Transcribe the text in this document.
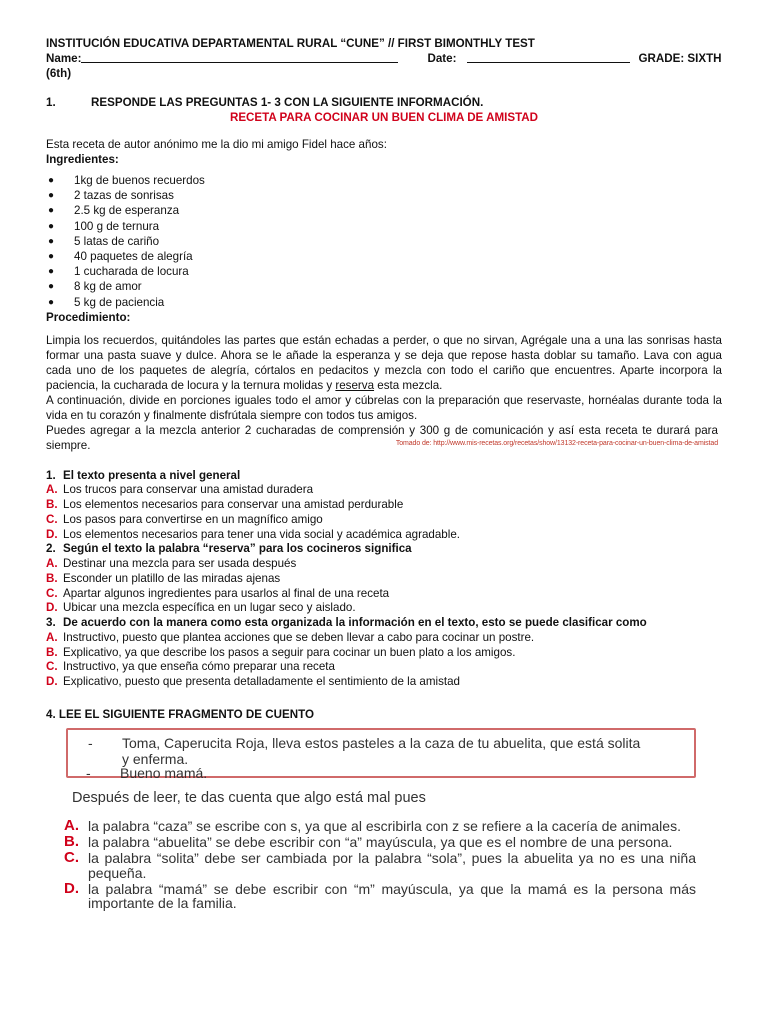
INSTITUCIÓN EDUCATIVA DEPARTAMENTAL RURAL “CUNE” // FIRST BIMONTHLY TEST
Name:	Date:	GRADE: SIXTH
(6th)
1.	RESPONDE LAS PREGUNTAS 1- 3 CON LA SIGUIENTE INFORMACIÓN.
RECETA PARA COCINAR UN BUEN CLIMA DE AMISTAD

Esta receta de autor anónimo me la dio mi amigo Fidel hace años:

Ingredientes:

●	1kg de buenos recuerdos
●	2 tazas de sonrisas
●	2.5 kg de esperanza
●	100 g de ternura
●	5 latas de cariño
●	40 paquetes de alegría
●	1 cucharada de locura
●	8 kg de amor
●	5 kg de paciencia

Procedimiento:

Limpia los recuerdos, quitándoles las partes que están echadas a perder, o que no sirvan, Agrégale una a una las sonrisas hasta formar una pasta suave y dulce. Ahora se le añade la esperanza y se deja que repose hasta doblar su tamaño. Lava con agua cada uno de los paquetes de alegría, córtalos en pedacitos y mezcla con todo el cariño que encuentres. Aparte incorpora la paciencia, la cucharada de locura y la ternura molidas y reserva esta mezcla.

A continuación, divide en porciones iguales todo el amor y cúbrelas con la preparación que reservaste, hornéalas durante toda la vida en tu corazón y finalmente disfrútala siempre con todos tus amigos.

Puedes agregar a la mezcla anterior 2 cucharadas de comprensión y 300 g de comunicación y así esta receta te durará para siempre.	Tomado de: http://www.mis-recetas.org/recetas/show/13132-receta-para-cocinar-un-buen-clima-de-amistad
1. El texto presenta a nivel general
A. Los trucos para conservar una amistad duradera
B. Los elementos necesarios para conservar una amistad perdurable
C. Los pasos para convertirse en un magnífico amigo
D. Los elementos necesarios para tener una vida social y académica agradable.
2. Según el texto la palabra “reserva” para los cocineros significa
A. Destinar una mezcla para ser usada después
B. Esconder un platillo de las miradas ajenas
C. Apartar algunos ingredientes para usarlos al final de una receta
D. Ubicar una mezcla específica en un lugar seco y aislado.
3. De acuerdo con la manera como esta organizada la información en el texto, esto se puede clasificar como
A. Instructivo, puesto que plantea acciones que se deben llevar a cabo para cocinar un postre.
B. Explicativo, ya que describe los pasos a seguir para cocinar un buen plato a los amigos.
C. Instructivo, ya que enseña cómo preparar una receta
D. Explicativo, puesto que presenta detalladamente el sentimiento de la amistad
4. LEE EL SIGUIENTE FRAGMENTO DE CUENTO
-	Toma, Caperucita Roja, lleva estos pasteles a la caza de tu abuelita, que está solita
y enferma.
-	Bueno mamá.
Después de leer, te das cuenta que algo está mal pues
A. la palabra “caza” se escribe con s, ya que al escribirla con z se refiere a la cacería de animales.
B. la palabra “abuelita” se debe escribir con “a” mayúscula, ya que es el nombre de una persona.
C. la palabra “solita” debe ser cambiada por la palabra “sola”, pues la abuelita ya no es una niña pequeña.
D. la palabra “mamá” se debe escribir con “m” mayúscula, ya que la mamá es la persona más importante de la familia.
